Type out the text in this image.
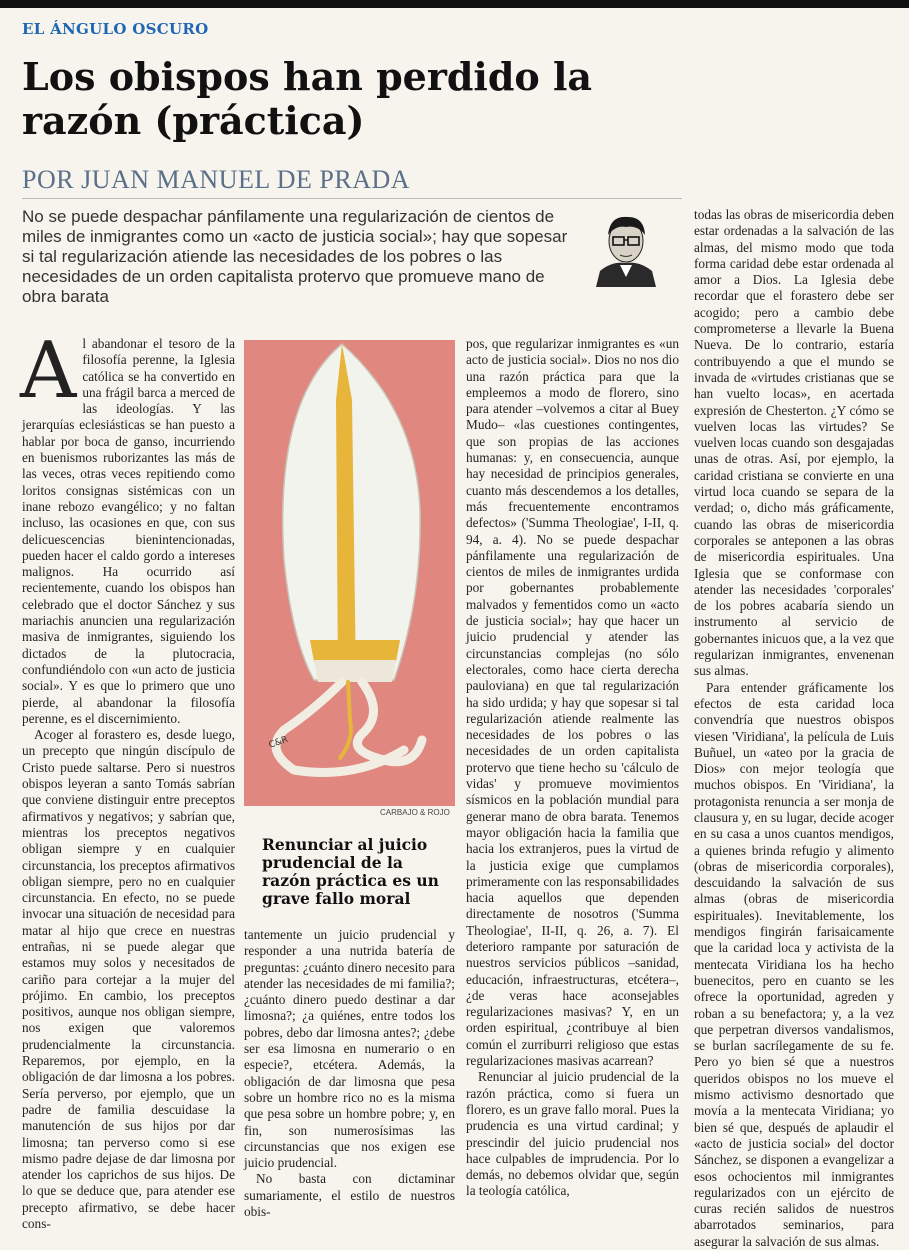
EL ÁNGULO OSCURO
Los obispos han perdido la razón (práctica)
POR JUAN MANUEL DE PRADA
No se puede despachar pánfilamente una regularización de cientos de miles de inmigrantes como un «acto de justicia social»; hay que sopesar si tal regularización atiende las necesidades de los pobres o las necesidades de un orden capitalista protervo que promueve mano de obra barata

Al abandonar el tesoro de la filosofía perenne, la Iglesia católica se ha convertido en una frágil barca a merced de las ideologías. Y las jerarquías eclesiásticas se han puesto a hablar por boca de ganso, incurriendo en buenismos ruborizantes las más de las veces, otras veces repitiendo como loritos consignas sistémicas con un inane rebozo evangélico; y no faltan incluso, las ocasiones en que, con sus delicuescencias bienintencionadas, pueden hacer el caldo gordo a intereses malignos. Ha ocurrido así recientemente, cuando los obispos han celebrado que el doctor Sánchez y sus mariachis anuncien una regularización masiva de inmigrantes, siguiendo los dictados de la plutocracia, confundiéndolo con «un acto de justicia social». Y es que lo primero que uno pierde, al abandonar la filosofía perenne, es el discernimiento.

Acoger al forastero es, desde luego, un precepto que ningún discípulo de Cristo puede saltarse. Pero si nuestros obispos leyeran a santo Tomás sabrían que conviene distinguir entre preceptos afirmativos y negativos; y sabrían que, mientras los preceptos negativos obligan siempre y en cualquier circunstancia, los preceptos afirmativos obligan siempre, pero no en cualquier circunstancia. En efecto, no se puede invocar una situación de necesidad para matar al hijo que crece en nuestras entrañas, ni se puede alegar que estamos muy solos y necesitados de cariño para cortejar a la mujer del prójimo. En cambio, los preceptos positivos, aunque nos obligan siempre, nos exigen que valoremos prudencialmente la circunstancia. Reparemos, por ejemplo, en la obligación de dar limosna a los pobres. Sería perverso, por ejemplo, que un padre de familia descuidase la manutención de sus hijos por dar limosna; tan perverso como si ese mismo padre dejase de dar limosna por atender los caprichos de sus hijos. De lo que se deduce que, para atender ese precepto afirmativo, se debe hacer cons-

C&R
CARBAJO & ROJO
Renunciar al juicio prudencial de la razón práctica es un grave fallo moral

tantemente un juicio prudencial y responder a una nutrida batería de preguntas: ¿cuánto dinero necesito para atender las necesidades de mi familia?; ¿cuánto dinero puedo destinar a dar limosna?; ¿a quiénes, entre todos los pobres, debo dar limosna antes?; ¿debe ser esa limosna en numerario o en especie?, etcétera. Además, la obligación de dar limosna que pesa sobre un hombre rico no es la misma que pesa sobre un hombre pobre; y, en fin, son numerosísimas las circunstancias que nos exigen ese juicio prudencial.

No basta con dictaminar sumariamente, el estilo de nuestros obis-

pos, que regularizar inmigrantes es «un acto de justicia social». Dios no nos dio una razón práctica para que la empleemos a modo de florero, sino para atender –volvemos a citar al Buey Mudo– «las cuestiones contingentes, que son propias de las acciones humanas: y, en consecuencia, aunque hay necesidad de principios generales, cuanto más descendemos a los detalles, más frecuentemente encontramos defectos» ('Summa Theologiae', I-II, q. 94, a. 4). No se puede despachar pánfilamente una regularización de cientos de miles de inmigrantes urdida por gobernantes probablemente malvados y fementidos como un «acto de justicia social»; hay que hacer un juicio prudencial y atender las circunstancias complejas (no sólo electorales, como hace cierta derecha pauloviana) en que tal regularización ha sido urdida; y hay que sopesar si tal regularización atiende realmente las necesidades de los pobres o las necesidades de un orden capitalista protervo que tiene hecho su 'cálculo de vidas' y promueve movimientos sísmicos en la población mundial para generar mano de obra barata. Tenemos mayor obligación hacia la familia que hacia los extranjeros, pues la virtud de la justicia exige que cumplamos primeramente con las responsabilidades hacia aquellos que dependen directamente de nosotros ('Summa Theologiae', II-II, q. 26, a. 7). El deterioro rampante por saturación de nuestros servicios públicos –sanidad, educación, infraestructuras, etcétera–, ¿de veras hace aconsejables regularizaciones masivas? Y, en un orden espiritual, ¿contribuye al bien común el zurriburri religioso que estas regularizaciones masivas acarrean?

Renunciar al juicio prudencial de la razón práctica, como si fuera un florero, es un grave fallo moral. Pues la prudencia es una virtud cardinal; y prescindir del juicio prudencial nos hace culpables de imprudencia. Por lo demás, no debemos olvidar que, según la teología católica,

todas las obras de misericordia deben estar ordenadas a la salvación de las almas, del mismo modo que toda forma caridad debe estar ordenada al amor a Dios. La Iglesia debe recordar que el forastero debe ser acogido; pero a cambio debe comprometerse a llevarle la Buena Nueva. De lo contrario, estaría contribuyendo a que el mundo se invada de «virtudes cristianas que se han vuelto locas», en acertada expresión de Chesterton. ¿Y cómo se vuelven locas las virtudes? Se vuelven locas cuando son desgajadas unas de otras. Así, por ejemplo, la caridad cristiana se convierte en una virtud loca cuando se separa de la verdad; o, dicho más gráficamente, cuando las obras de misericordia corporales se anteponen a las obras de misericordia espirituales. Una Iglesia que se conformase con atender las necesidades 'corporales' de los pobres acabaría siendo un instrumento al servicio de gobernantes inicuos que, a la vez que regularizan inmigrantes, envenenan sus almas.

Para entender gráficamente los efectos de esta caridad loca convendría que nuestros obispos viesen 'Viridiana', la película de Luis Buñuel, un «ateo por la gracia de Dios» con mejor teología que muchos obispos. En 'Viridiana', la protagonista renuncia a ser monja de clausura y, en su lugar, decide acoger en su casa a unos cuantos mendigos, a quienes brinda refugio y alimento (obras de misericordia corporales), descuidando la salvación de sus almas (obras de misericordia espirituales). Inevitablemente, los mendigos fingirán farisaicamente que la caridad loca y activista de la mentecata Viridiana los ha hecho buenecitos, pero en cuanto se les ofrece la oportunidad, agreden y roban a su benefactora; y, a la vez que perpetran diversos vandalismos, se burlan sacrílegamente de su fe. Pero yo bien sé que a nuestros queridos obispos no los mueve el mismo activismo desnortado que movía a la mentecata Viridiana; yo bien sé que, después de aplaudir el «acto de justicia social» del doctor Sánchez, se disponen a evangelizar a esos ochocientos mil inmigrantes regularizados con un ejército de curas recién salidos de nuestros abarrotados seminarios, para asegurar la salvación de sus almas.
